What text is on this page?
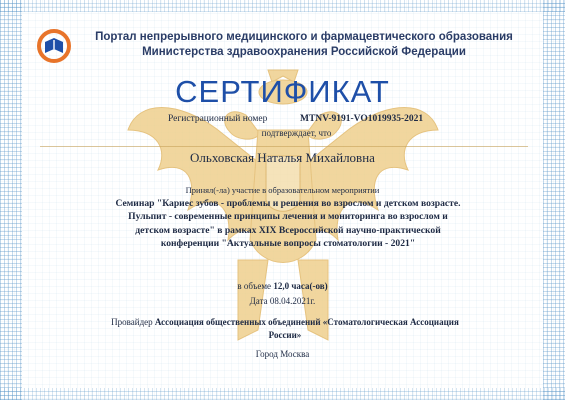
Портал непрерывного медицинского и фармацевтического образования
Министерства здравоохранения Российской Федерации
СЕРТИФИКАТ
Регистрационный номер	MTNV-9191-VO1019935-2021
подтверждает, что
Ольховская Наталья Михайловна
Принял(-ла) участие в образовательном мероприятии
Семинар "Кариес зубов - проблемы и решения во взрослом и детском возрасте. Пульпит - современные принципы лечения и мониторинга во взрослом и детском возрасте" в рамках XIX Всероссийской научно-практической конференции "Актуальные вопросы стоматологии - 2021"
в объеме 12,0 часа(-ов)
Дата 08.04.2021г.
Провайдер Ассоциация общественных объединений «Стоматологическая Ассоциация России»
Город Москва
